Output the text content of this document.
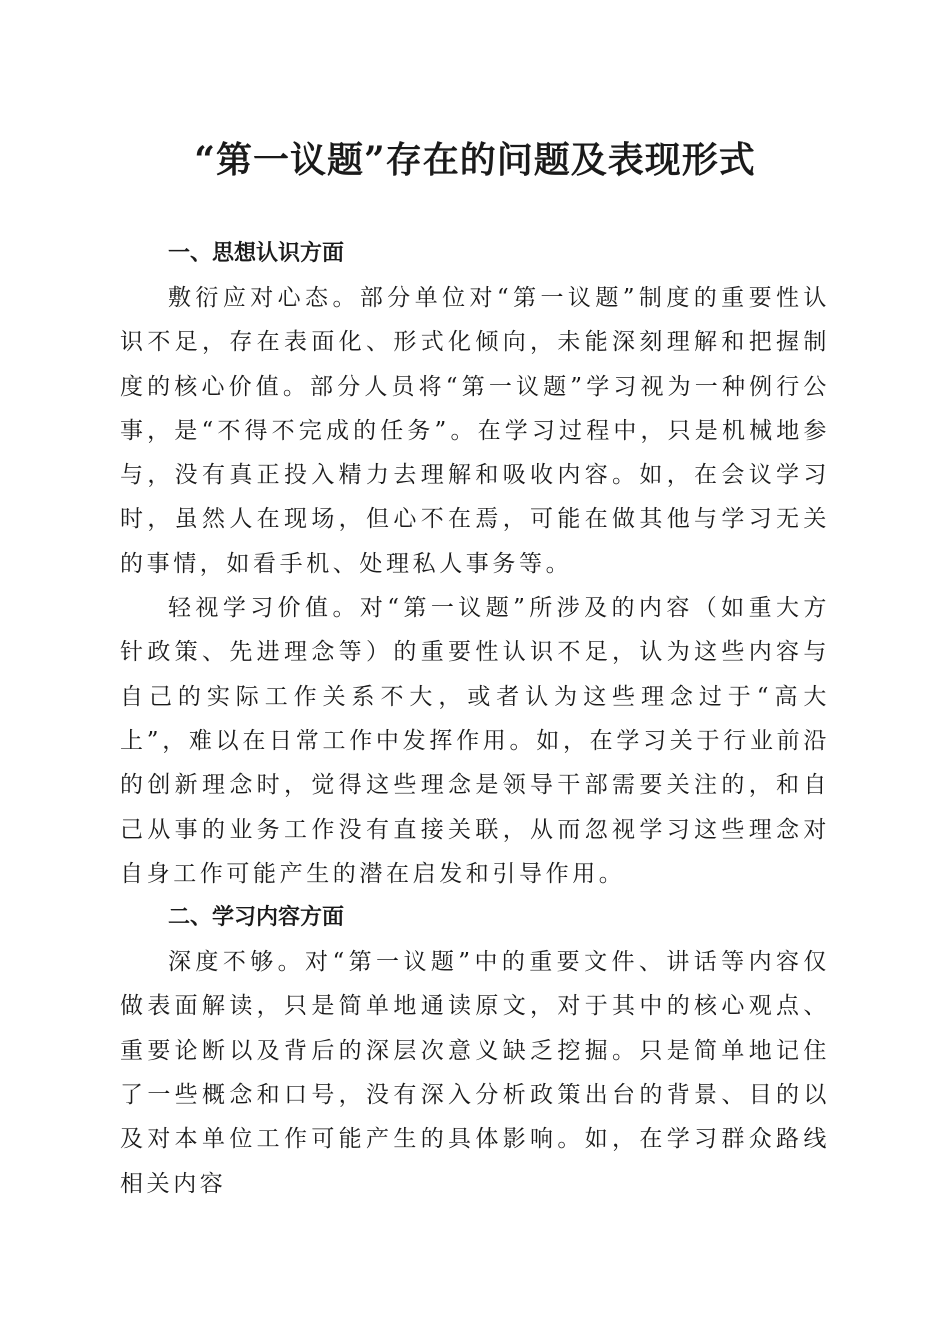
“第一议题”存在的问题及表现形式
一、思想认识方面

敷衍应对心态。部分单位对“第一议题”制度的重要性认识不足，存在表面化、形式化倾向，未能深刻理解和把握制度的核心价值。部分人员将“第一议题”学习视为一种例行公事，是“不得不完成的任务”。在学习过程中，只是机械地参与，没有真正投入精力去理解和吸收内容。如，在会议学习时，虽然人在现场，但心不在焉，可能在做其他与学习无关的事情，如看手机、处理私人事务等。

轻视学习价值。对“第一议题”所涉及的内容（如重大方针政策、先进理念等）的重要性认识不足，认为这些内容与自己的实际工作关系不大，或者认为这些理念过于“高大上”，难以在日常工作中发挥作用。如，在学习关于行业前沿的创新理念时，觉得这些理念是领导干部需要关注的，和自己从事的业务工作没有直接关联，从而忽视学习这些理念对自身工作可能产生的潜在启发和引导作用。

二、学习内容方面

深度不够。对“第一议题”中的重要文件、讲话等内容仅做表面解读，只是简单地通读原文，对于其中的核心观点、重要论断以及背后的深层次意义缺乏挖掘。只是简单地记住了一些概念和口号，没有深入分析政策出台的背景、目的以及对本单位工作可能产生的具体影响。如，在学习群众路线相关内容
